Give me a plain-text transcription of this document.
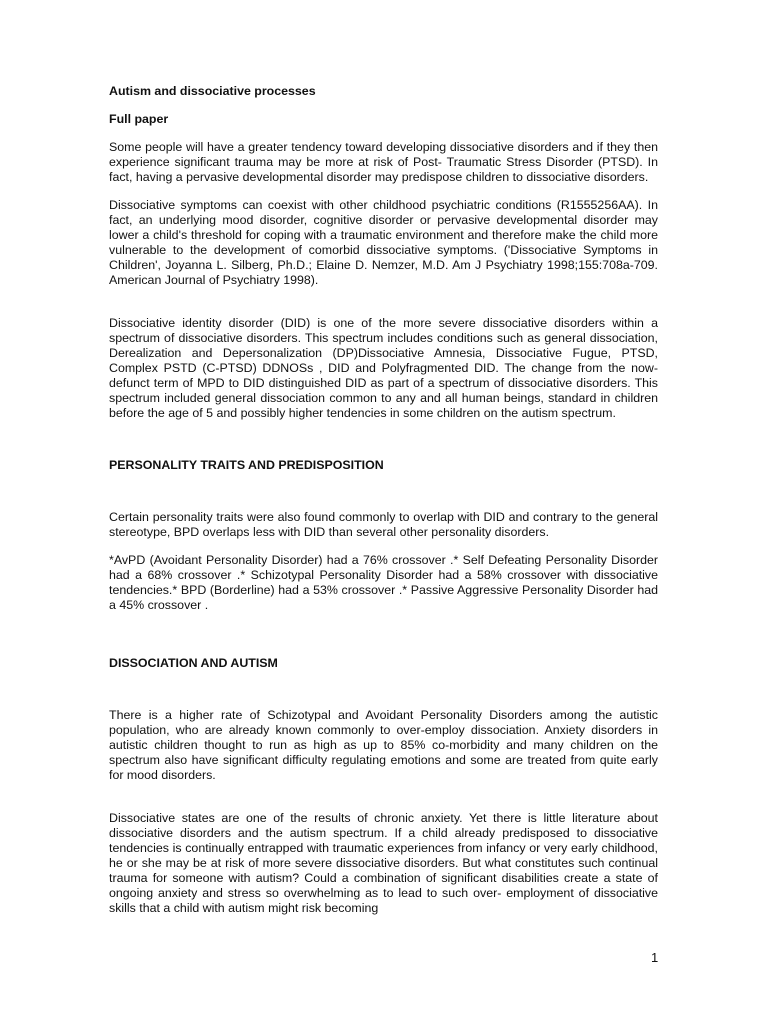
Autism and dissociative processes
Full paper

Some people will have a greater tendency toward developing dissociative disorders and if they then experience significant trauma may be more at risk of Post- Traumatic Stress Disorder (PTSD). In fact, having a pervasive developmental disorder may predispose children to dissociative disorders.

Dissociative symptoms can coexist with other childhood psychiatric conditions (R1555256AA). In fact, an underlying mood disorder, cognitive disorder or pervasive developmental disorder may lower a child's threshold for coping with a traumatic environment and therefore make the child more vulnerable to the development of comorbid dissociative symptoms. ('Dissociative Symptoms in Children', Joyanna L. Silberg, Ph.D.; Elaine D. Nemzer, M.D. Am J Psychiatry 1998;155:708a-709. American Journal of Psychiatry 1998).

Dissociative identity disorder (DID) is one of the more severe dissociative disorders within a spectrum of dissociative disorders. This spectrum includes conditions such as general dissociation, Derealization and Depersonalization (DP)Dissociative Amnesia, Dissociative Fugue, PTSD, Complex PSTD (C-PTSD) DDNOSs , DID and Polyfragmented DID. The change from the now-defunct term of MPD to DID distinguished DID as part of a spectrum of dissociative disorders. This spectrum included general dissociation common to any and all human beings, standard in children before the age of 5 and possibly higher tendencies in some children on the autism spectrum.

PERSONALITY TRAITS AND PREDISPOSITION

Certain personality traits were also found commonly to overlap with DID and contrary to the general stereotype, BPD overlaps less with DID than several other personality disorders.

*AvPD (Avoidant Personality Disorder) had a 76% crossover .* Self Defeating Personality Disorder had a 68% crossover .* Schizotypal Personality Disorder had a 58% crossover with dissociative tendencies.* BPD (Borderline) had a 53% crossover .* Passive Aggressive Personality Disorder had a 45% crossover .

DISSOCIATION AND AUTISM

There is a higher rate of Schizotypal and Avoidant Personality Disorders among the autistic population, who are already known commonly to over-employ dissociation. Anxiety disorders in autistic children thought to run as high as up to 85% co-morbidity and many children on the spectrum also have significant difficulty regulating emotions and some are treated from quite early for mood disorders.

Dissociative states are one of the results of chronic anxiety. Yet there is little literature about dissociative disorders and the autism spectrum. If a child already predisposed to dissociative tendencies is continually entrapped with traumatic experiences from infancy or very early childhood, he or she may be at risk of more severe dissociative disorders. But what constitutes such continual trauma for someone with autism? Could a combination of significant disabilities create a state of ongoing anxiety and stress so overwhelming as to lead to such over- employment of dissociative skills that a child with autism might risk becoming

1
